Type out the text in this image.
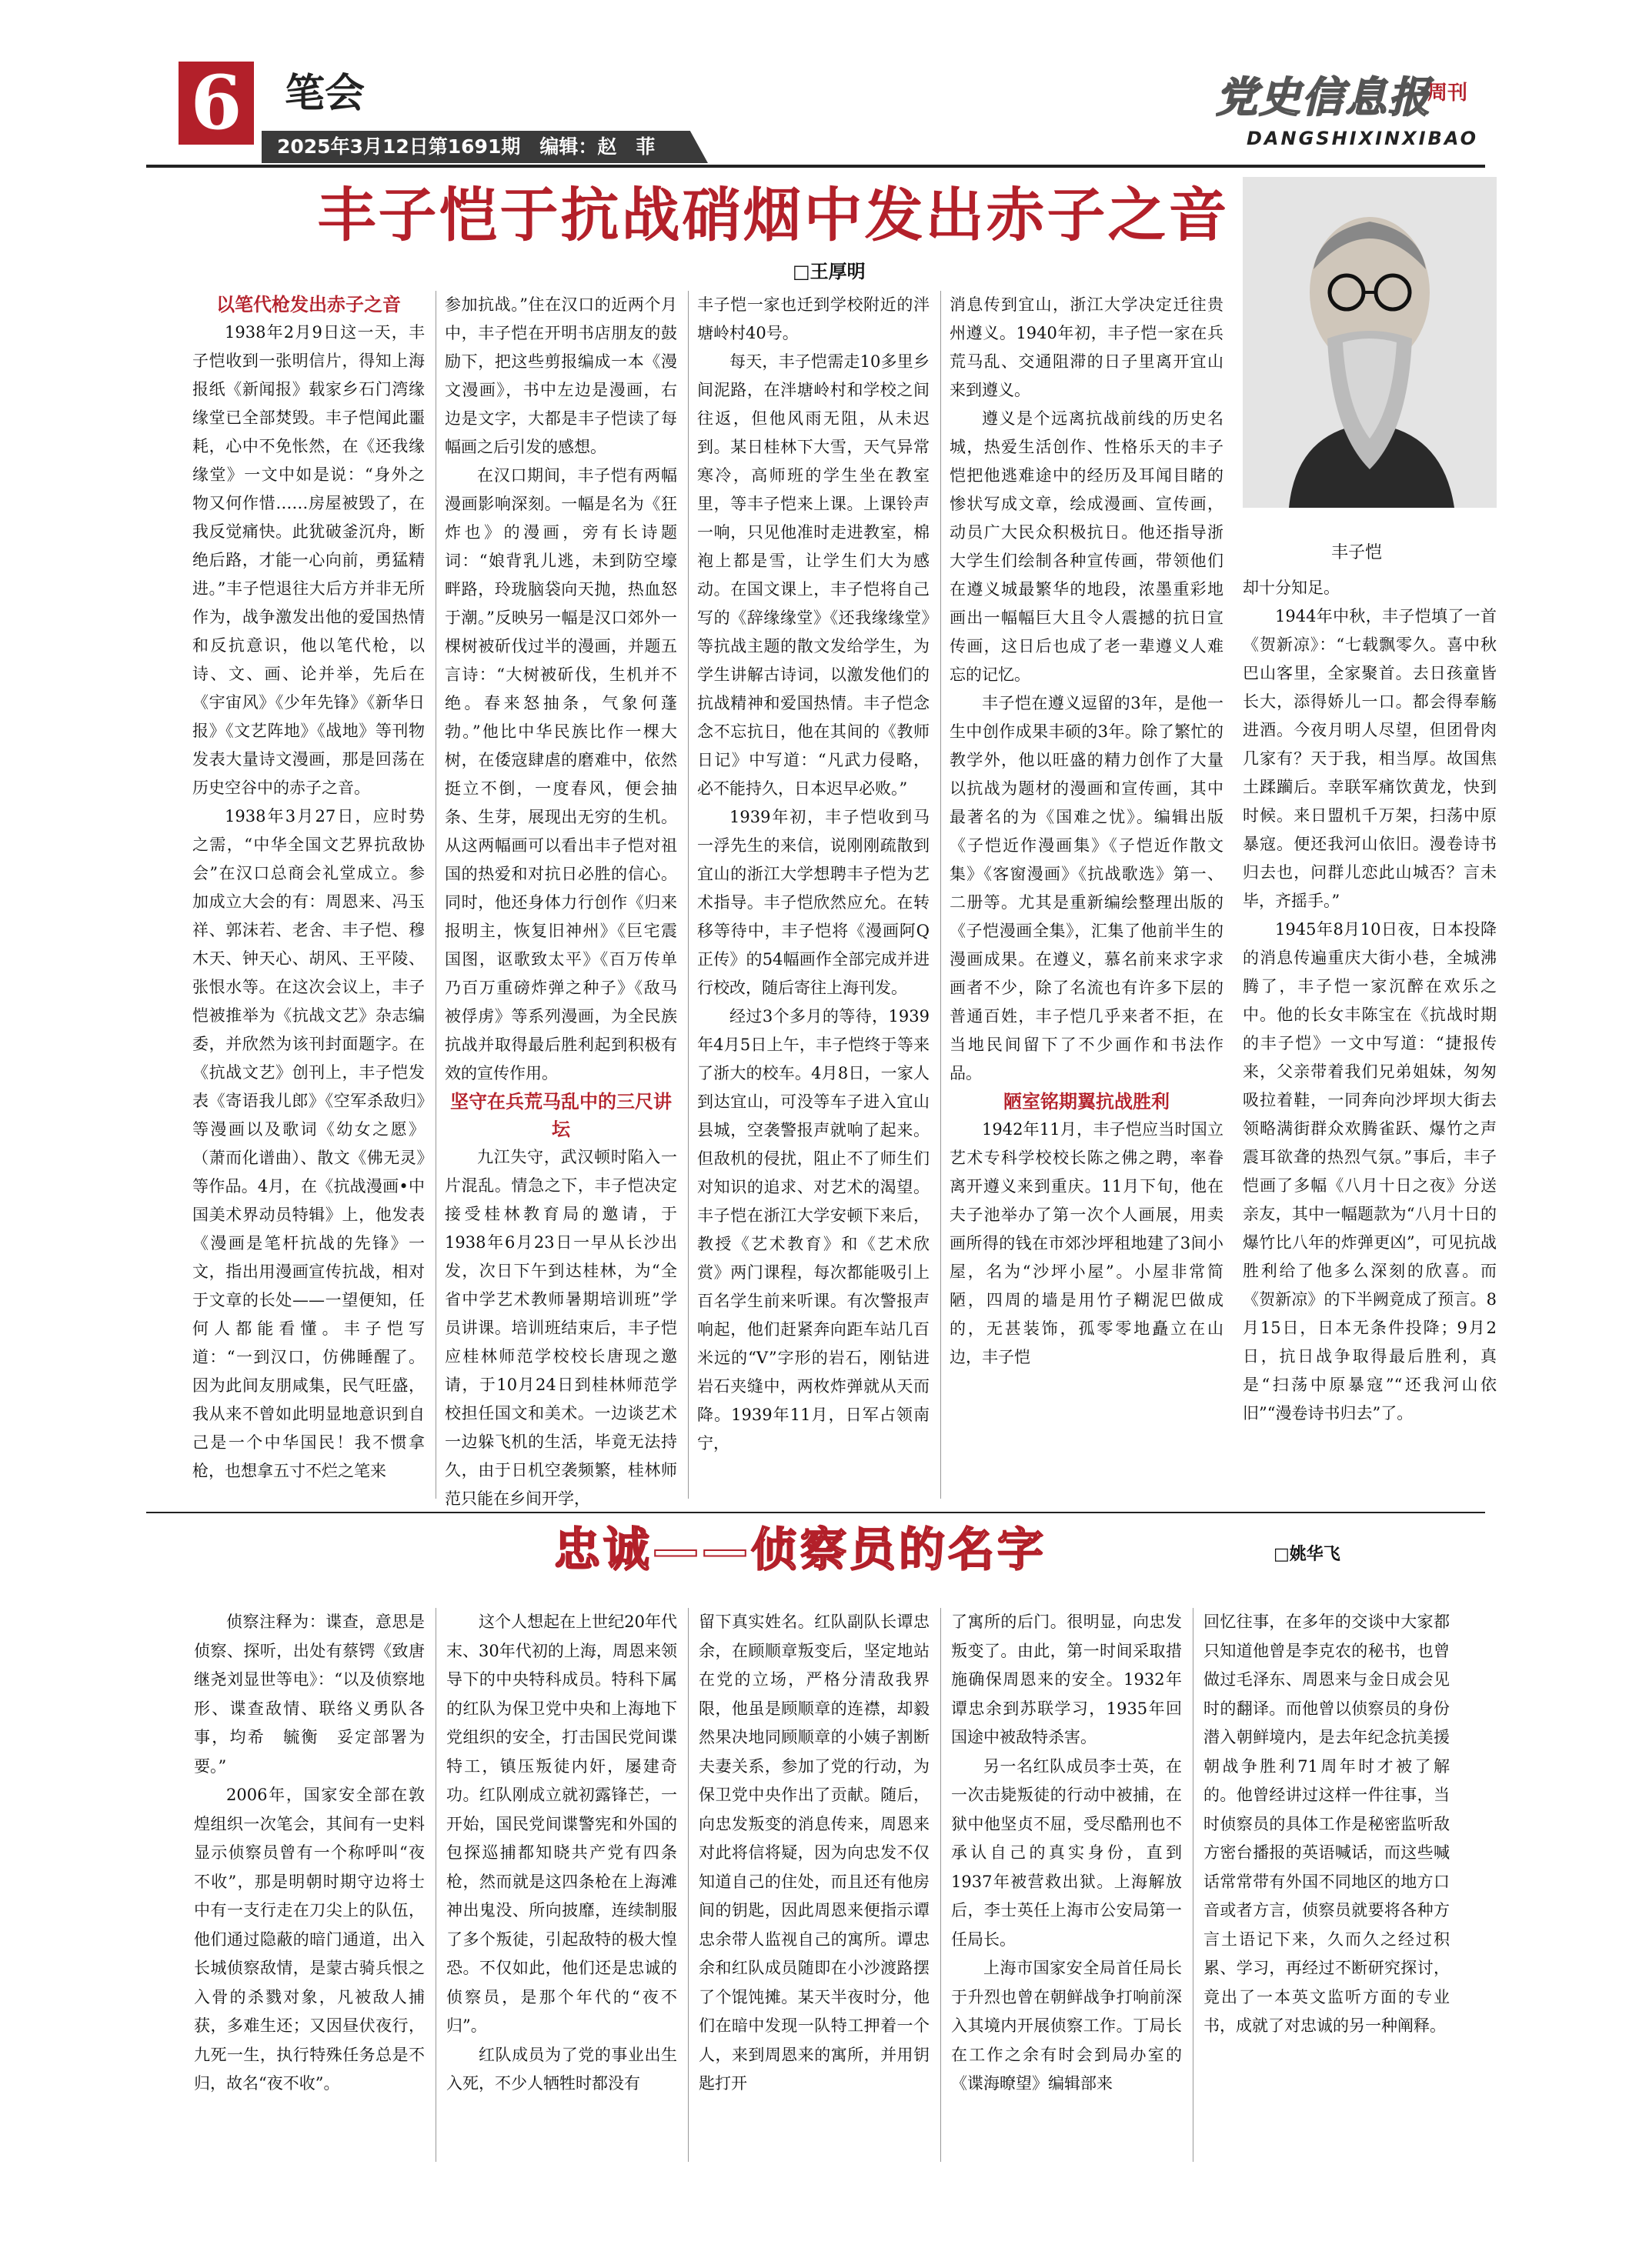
6	笔会
2025年3月12日第1691期　编辑：赵　菲
党史信息报
周刊
DANGSHIXINXIBAO
丰子恺于抗战硝烟中发出赤子之音
□王厚明
以笔代枪发出赤子之音

1938年2月9日这一天，丰子恺收到一张明信片，得知上海报纸《新闻报》载家乡石门湾缘缘堂已全部焚毁。丰子恺闻此噩耗，心中不免怅然，在《还我缘缘堂》一文中如是说：“身外之物又何作惜……房屋被毁了，在我反觉痛快。此犹破釜沉舟，断绝后路，才能一心向前，勇猛精进。”丰子恺退往大后方并非无所作为，战争激发出他的爱国热情和反抗意识，他以笔代枪，以诗、文、画、论并举，先后在《宇宙风》《少年先锋》《新华日报》《文艺阵地》《战地》等刊物发表大量诗文漫画，那是回荡在历史空谷中的赤子之音。

1938年3月27日，应时势之需，“中华全国文艺界抗敌协会”在汉口总商会礼堂成立。参加成立大会的有：周恩来、冯玉祥、郭沫若、老舍、丰子恺、穆木天、钟天心、胡风、王平陵、张恨水等。在这次会议上，丰子恺被推举为《抗战文艺》杂志编委，并欣然为该刊封面题字。在《抗战文艺》创刊上，丰子恺发表《寄语我儿郎》《空军杀敌归》等漫画以及歌词《幼女之愿》（萧而化谱曲）、散文《佛无灵》等作品。4月，在《抗战漫画•中国美术界动员特辑》上，他发表《漫画是笔杆抗战的先锋》一文，指出用漫画宣传抗战，相对于文章的长处——一望便知，任何人都能看懂。丰子恺写道：“一到汉口，仿佛睡醒了。因为此间友朋咸集，民气旺盛，我从来不曾如此明显地意识到自己是一个中华国民！我不惯拿枪，也想拿五寸不烂之笔来

参加抗战。”住在汉口的近两个月中，丰子恺在开明书店朋友的鼓励下，把这些剪报编成一本《漫文漫画》，书中左边是漫画，右边是文字，大都是丰子恺读了每幅画之后引发的感想。

在汉口期间，丰子恺有两幅漫画影响深刻。一幅是名为《狂炸也》的漫画，旁有长诗题词：“娘背乳儿逃，未到防空壕畔路，玲珑脑袋向天抛，热血怒于潮。”反映另一幅是汉口郊外一棵树被斫伐过半的漫画，并题五言诗：“大树被斫伐，生机并不绝。春来怒抽条，气象何蓬勃。”他比中华民族比作一棵大树，在倭寇肆虐的磨难中，依然挺立不倒，一度春风，便会抽条、生芽，展现出无穷的生机。从这两幅画可以看出丰子恺对祖国的热爱和对抗日必胜的信心。同时，他还身体力行创作《归来报明主，恢复旧神州》《巨宅震国图，讴歌致太平》《百万传单乃百万重磅炸弹之种子》《敌马被俘虏》等系列漫画，为全民族抗战并取得最后胜利起到积极有效的宣传作用。

坚守在兵荒马乱中的三尺讲坛

九江失守，武汉顿时陷入一片混乱。情急之下，丰子恺决定接受桂林教育局的邀请，于1938年6月23日一早从长沙出发，次日下午到达桂林，为“全省中学艺术教师暑期培训班”学员讲课。培训班结束后，丰子恺应桂林师范学校校长唐现之邀请，于10月24日到桂林师范学校担任国文和美术。一边谈艺术一边躲飞机的生活，毕竟无法持久，由于日机空袭频繁，桂林师范只能在乡间开学，

丰子恺一家也迁到学校附近的泮塘岭村40号。

每天，丰子恺需走10多里乡间泥路，在泮塘岭村和学校之间往返，但他风雨无阻，从未迟到。某日桂林下大雪，天气异常寒冷，高师班的学生坐在教室里，等丰子恺来上课。上课铃声一响，只见他准时走进教室，棉袍上都是雪，让学生们大为感动。在国文课上，丰子恺将自己写的《辞缘缘堂》《还我缘缘堂》等抗战主题的散文发给学生，为学生讲解古诗词，以激发他们的抗战精神和爱国热情。丰子恺念念不忘抗日，他在其间的《教师日记》中写道：“凡武力侵略，必不能持久，日本迟早必败。”

1939年初，丰子恺收到马一浮先生的来信，说刚刚疏散到宜山的浙江大学想聘丰子恺为艺术指导。丰子恺欣然应允。在转移等待中，丰子恺将《漫画阿Q正传》的54幅画作全部完成并进行校改，随后寄往上海刊发。

经过3个多月的等待，1939年4月5日上午，丰子恺终于等来了浙大的校车。4月8日，一家人到达宜山，可没等车子进入宜山县城，空袭警报声就响了起来。但敌机的侵扰，阻止不了师生们对知识的追求、对艺术的渴望。丰子恺在浙江大学安顿下来后，教授《艺术教育》和《艺术欣赏》两门课程，每次都能吸引上百名学生前来听课。有次警报声响起，他们赶紧奔向距车站几百米远的“V”字形的岩石，刚钻进岩石夹缝中，两枚炸弹就从天而降。1939年11月，日军占领南宁，

消息传到宜山，浙江大学决定迁往贵州遵义。1940年初，丰子恺一家在兵荒马乱、交通阻滞的日子里离开宜山来到遵义。

遵义是个远离抗战前线的历史名城，热爱生活创作、性格乐天的丰子恺把他逃难途中的经历及耳闻目睹的惨状写成文章，绘成漫画、宣传画，动员广大民众积极抗日。他还指导浙大学生们绘制各种宣传画，带领他们在遵义城最繁华的地段，浓墨重彩地画出一幅幅巨大且令人震撼的抗日宣传画，这日后也成了老一辈遵义人难忘的记忆。

丰子恺在遵义逗留的3年，是他一生中创作成果丰硕的3年。除了繁忙的教学外，他以旺盛的精力创作了大量以抗战为题材的漫画和宣传画，其中最著名的为《国难之忧》。编辑出版《子恺近作漫画集》《子恺近作散文集》《客窗漫画》《抗战歌选》第一、二册等。尤其是重新编绘整理出版的《子恺漫画全集》，汇集了他前半生的漫画成果。在遵义，慕名前来求字求画者不少，除了名流也有许多下层的普通百姓，丰子恺几乎来者不拒，在当地民间留下了不少画作和书法作品。

陋室铭期翼抗战胜利

1942年11月，丰子恺应当时国立艺术专科学校校长陈之佛之聘，率眷离开遵义来到重庆。11月下旬，他在夫子池举办了第一次个人画展，用卖画所得的钱在市郊沙坪租地建了3间小屋，名为“沙坪小屋”。小屋非常简陋，四周的墙是用竹子糊泥巴做成的，无甚装饰，孤零零地矗立在山边，丰子恺

丰子恺

却十分知足。

1944年中秋，丰子恺填了一首《贺新凉》：“七载飘零久。喜中秋巴山客里，全家聚首。去日孩童皆长大，添得娇儿一口。都会得奉觞进酒。今夜月明人尽望，但团骨肉几家有？天于我，相当厚。故国焦土蹂躏后。幸联军痛饮黄龙，快到时候。来日盟机千万架，扫荡中原暴寇。便还我河山依旧。漫卷诗书归去也，问群儿恋此山城否？言未毕，齐摇手。”

1945年8月10日夜，日本投降的消息传遍重庆大街小巷，全城沸腾了，丰子恺一家沉醉在欢乐之中。他的长女丰陈宝在《抗战时期的丰子恺》一文中写道：“捷报传来，父亲带着我们兄弟姐妹，匆匆吸拉着鞋，一同奔向沙坪坝大街去领略满街群众欢腾雀跃、爆竹之声震耳欲聋的热烈气氛。”事后，丰子恺画了多幅《八月十日之夜》分送亲友，其中一幅题款为“八月十日的爆竹比八年的炸弹更凶”，可见抗战胜利给了他多么深刻的欣喜。而《贺新凉》的下半阙竟成了预言。8月15日，日本无条件投降；9月2日，抗日战争取得最后胜利，真是“扫荡中原暴寇”“还我河山依旧”“漫卷诗书归去”了。

忠诚——侦察员的名字	□姚华飞

侦察注释为：谍查，意思是侦察、探听，出处有蔡锷《致唐继尧刘显世等电》：“以及侦察地形、谍查敌情、联络义勇队各事，均希　毓衡　妥定部署为要。”

2006年，国家安全部在敦煌组织一次笔会，其间有一史料显示侦察员曾有一个称呼叫“夜不收”，那是明朝时期守边将士中有一支行走在刀尖上的队伍，他们通过隐蔽的暗门通道，出入长城侦察敌情，是蒙古骑兵恨之入骨的杀戮对象，凡被敌人捕获，多难生还；又因昼伏夜行，九死一生，执行特殊任务总是不归，故名“夜不收”。

这个人想起在上世纪20年代末、30年代初的上海，周恩来领导下的中央特科成员。特科下属的红队为保卫党中央和上海地下党组织的安全，打击国民党间谍特工，镇压叛徒内奸，屡建奇功。红队刚成立就初露锋芒，一开始，国民党间谍警宪和外国的包探巡捕都知晓共产党有四条枪，然而就是这四条枪在上海滩神出鬼没、所向披靡，连续制服了多个叛徒，引起敌特的极大惶恐。不仅如此，他们还是忠诚的侦察员，是那个年代的“夜不归”。

红队成员为了党的事业出生入死，不少人牺牲时都没有

留下真实姓名。红队副队长谭忠余，在顾顺章叛变后，坚定地站在党的立场，严格分清敌我界限，他虽是顾顺章的连襟，却毅然果决地同顾顺章的小姨子割断夫妻关系，参加了党的行动，为保卫党中央作出了贡献。随后，向忠发叛变的消息传来，周恩来对此将信将疑，因为向忠发不仅知道自己的住处，而且还有他房间的钥匙，因此周恩来便指示谭忠余带人监视自己的寓所。谭忠余和红队成员随即在小沙渡路摆了个馄饨摊。某天半夜时分，他们在暗中发现一队特工押着一个人，来到周恩来的寓所，并用钥匙打开

了寓所的后门。很明显，向忠发叛变了。由此，第一时间采取措施确保周恩来的安全。1932年谭忠余到苏联学习，1935年回国途中被敌特杀害。

另一名红队成员李士英，在一次击毙叛徒的行动中被捕，在狱中他坚贞不屈，受尽酷刑也不承认自己的真实身份，直到1937年被营救出狱。上海解放后，李士英任上海市公安局第一任局长。

上海市国家安全局首任局长于升烈也曾在朝鲜战争打响前深入其境内开展侦察工作。丁局长在工作之余有时会到局办室的《谍海暸望》编辑部来

回忆往事，在多年的交谈中大家都只知道他曾是李克农的秘书，也曾做过毛泽东、周恩来与金日成会见时的翻译。而他曾以侦察员的身份潜入朝鲜境内，是去年纪念抗美援朝战争胜利71周年时才被了解的。他曾经讲过这样一件往事，当时侦察员的具体工作是秘密监听敌方密台播报的英语喊话，而这些喊话常常带有外国不同地区的地方口音或者方言，侦察员就要将各种方言土语记下来，久而久之经过积累、学习，再经过不断研究探讨，竟出了一本英文监听方面的专业书，成就了对忠诚的另一种阐释。
